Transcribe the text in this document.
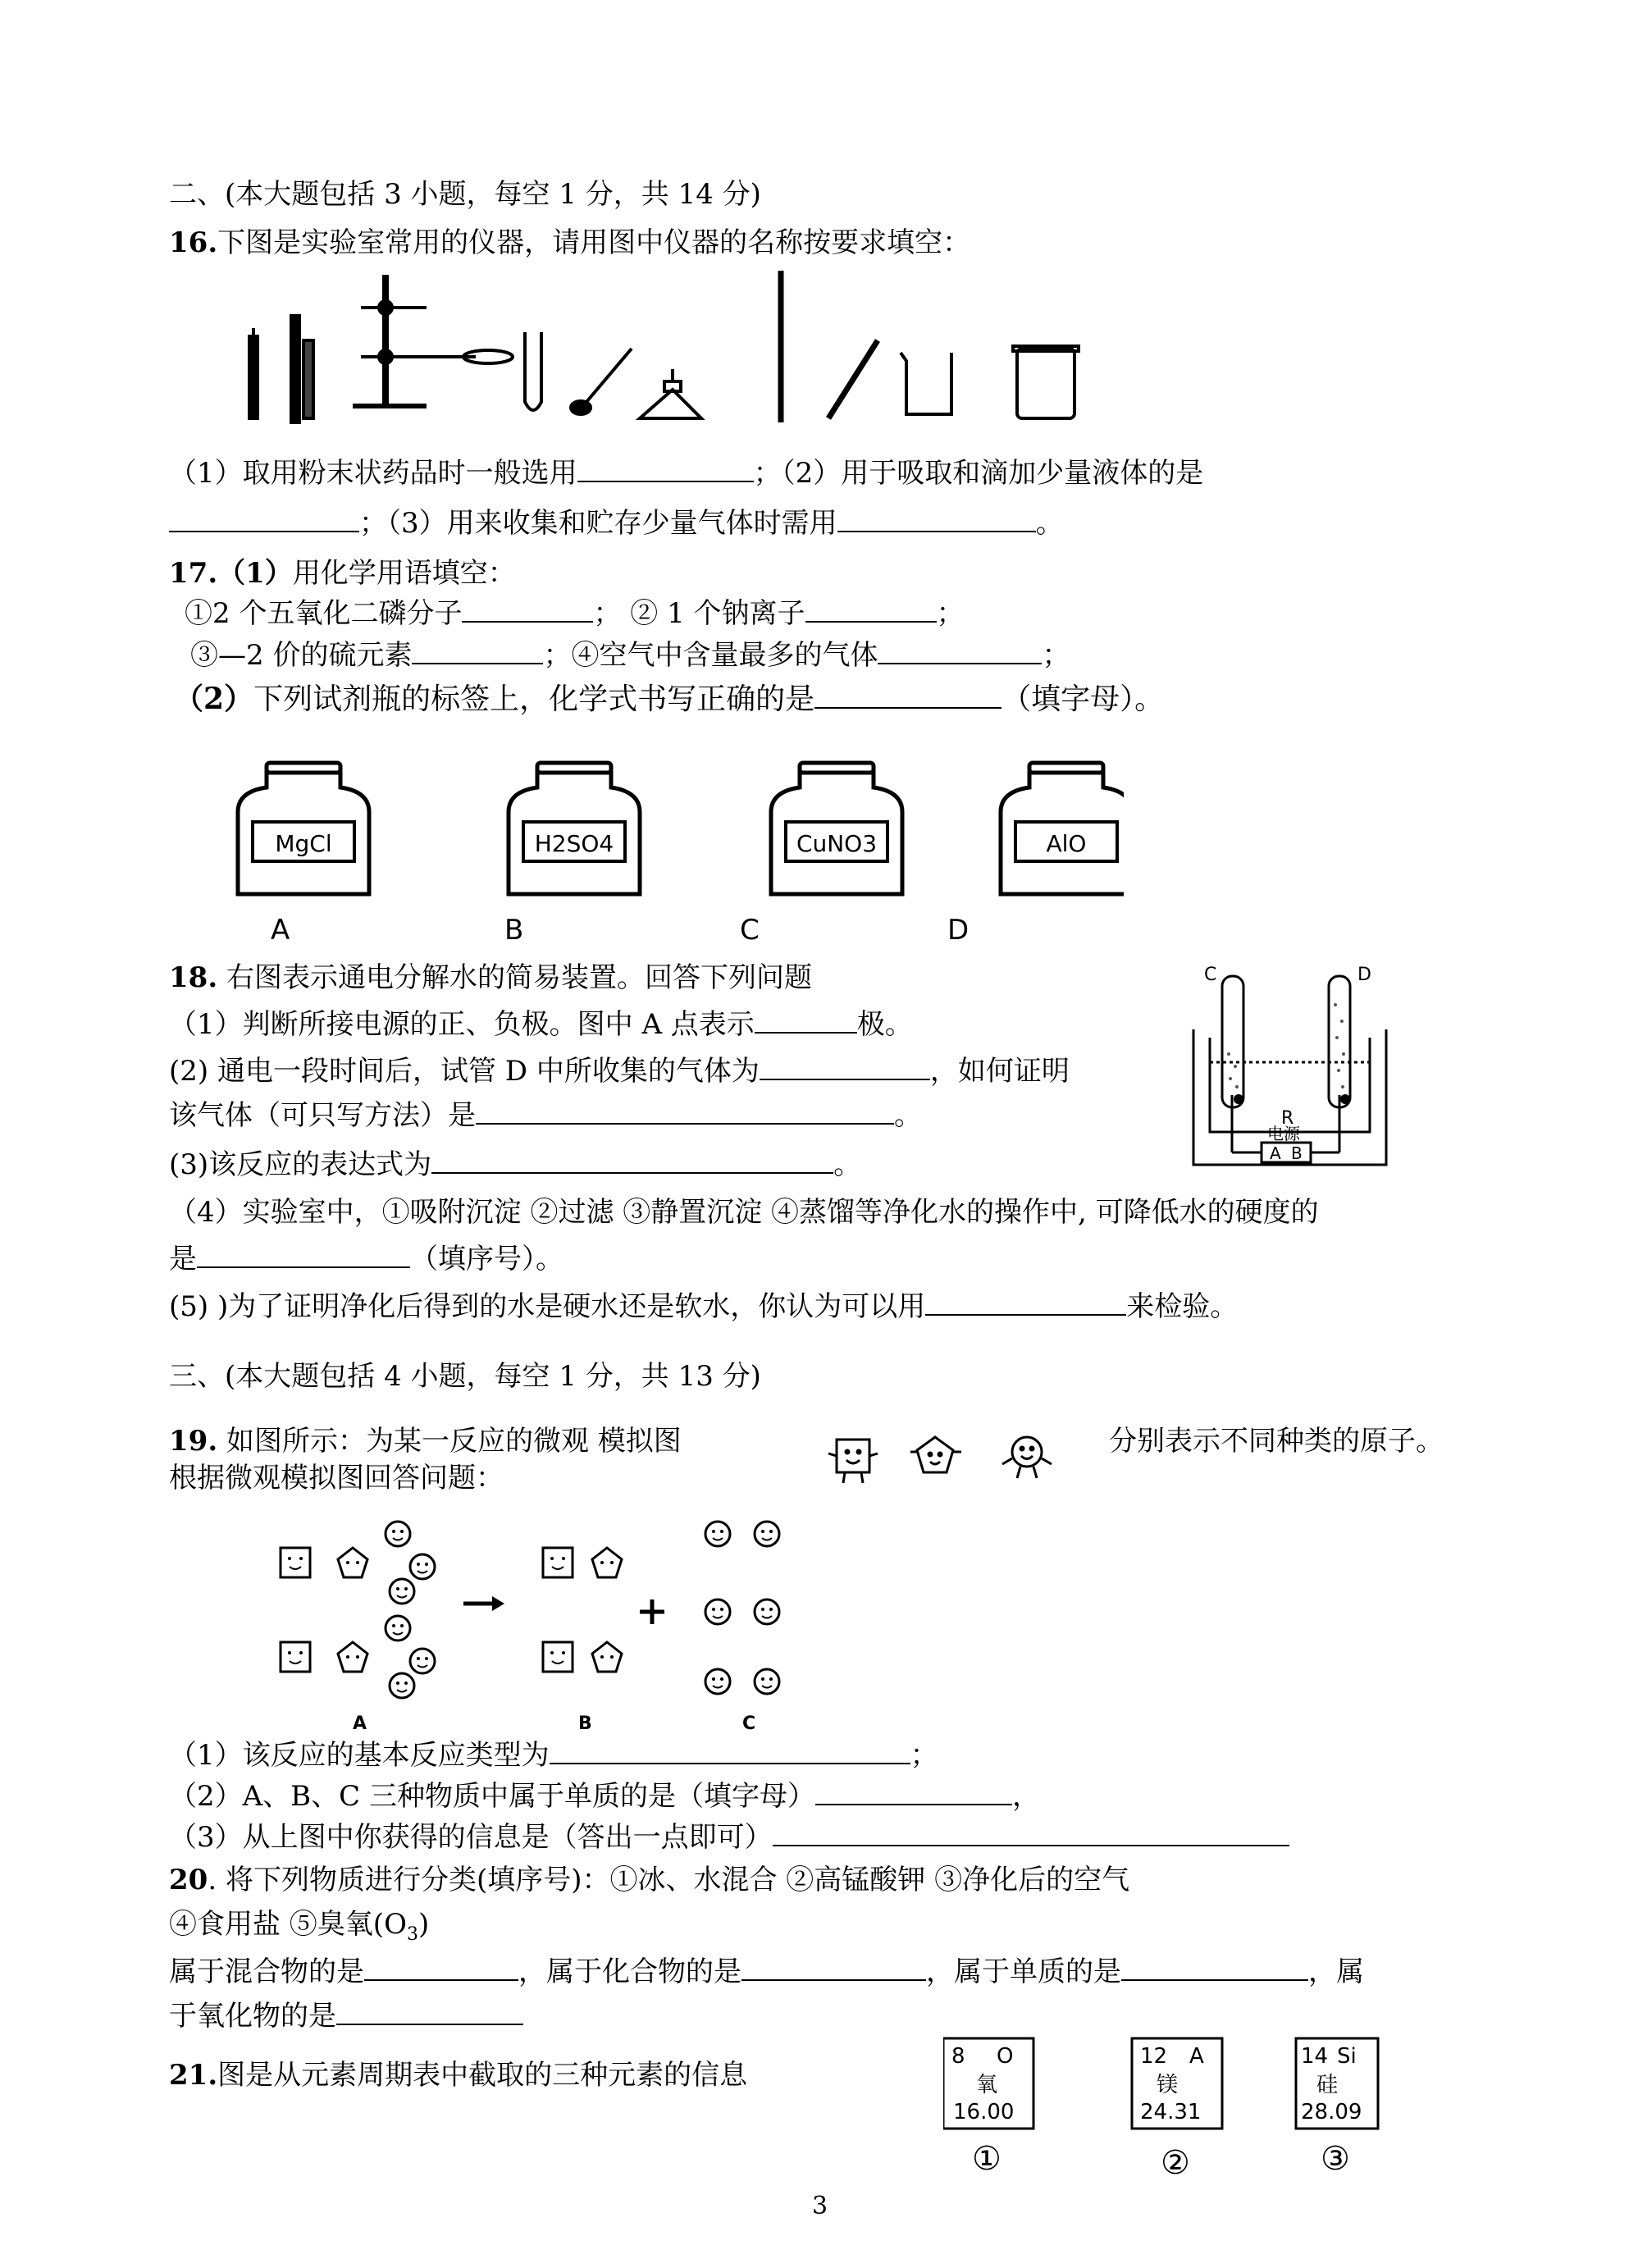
二、(本大题包括 3 小题，每空 1 分，共 14 分)
16.下图是实验室常用的仪器，请用图中仪器的名称按要求填空：
（1）取用粉末状药品时一般选用	；（2）用于吸取和滴加少量液体的是
；（3）用来收集和贮存少量气体时需用	。
17.（1）用化学用语填空：
①2 个五氧化二磷分子	； ② 1 个钠离子	；
③—2 价的硫元素	；④空气中含量最多的气体	；
（2）下列试剂瓶的标签上，化学式书写正确的是	（填字母）。
MgCl	H2SO4	CuNO3	AlO
A	B	C	D
18. 右图表示通电分解水的简易装置。回答下列问题
（1）判断所接电源的正、负极。图中 A 点表示	极。
(2) 通电一段时间后，试管 D 中所收集的气体为	，如何证明
该气体（可只写方法）是	。
(3)该反应的表达式为	。
（4）实验室中，①吸附沉淀 ②过滤 ③静置沉淀 ④蒸馏等净化水的操作中, 可降低水的硬度的
是	（填序号）。
(5) )为了证明净化后得到的水是硬水还是软水，你认为可以用	来检验。
C	D
R
电源
A B
三、(本大题包括 4 小题，每空 1 分，共 13 分)
19. 如图所示：为某一反应的微观 模拟图	分别表示不同种类的原子。
根据微观模拟图回答问题：
A	B	C
（1）该反应的基本反应类型为	；
（2）A、B、C 三种物质中属于单质的是（填字母）	，
（3）从上图中你获得的信息是（答出一点即可）
20. 将下列物质进行分类(填序号)：①冰、水混合 ②高锰酸钾 ③净化后的空气
④食用盐 ⑤臭氧$(O_3)$
属于混合物的是	，属于化合物的是	，属于单质的是	，属
于氧化物的是
21.图是从元素周期表中截取的三种元素的信息
8 O
氧
16.00
12 A
镁
24.31
14 Si
硅
28.09
①	②	③
3
